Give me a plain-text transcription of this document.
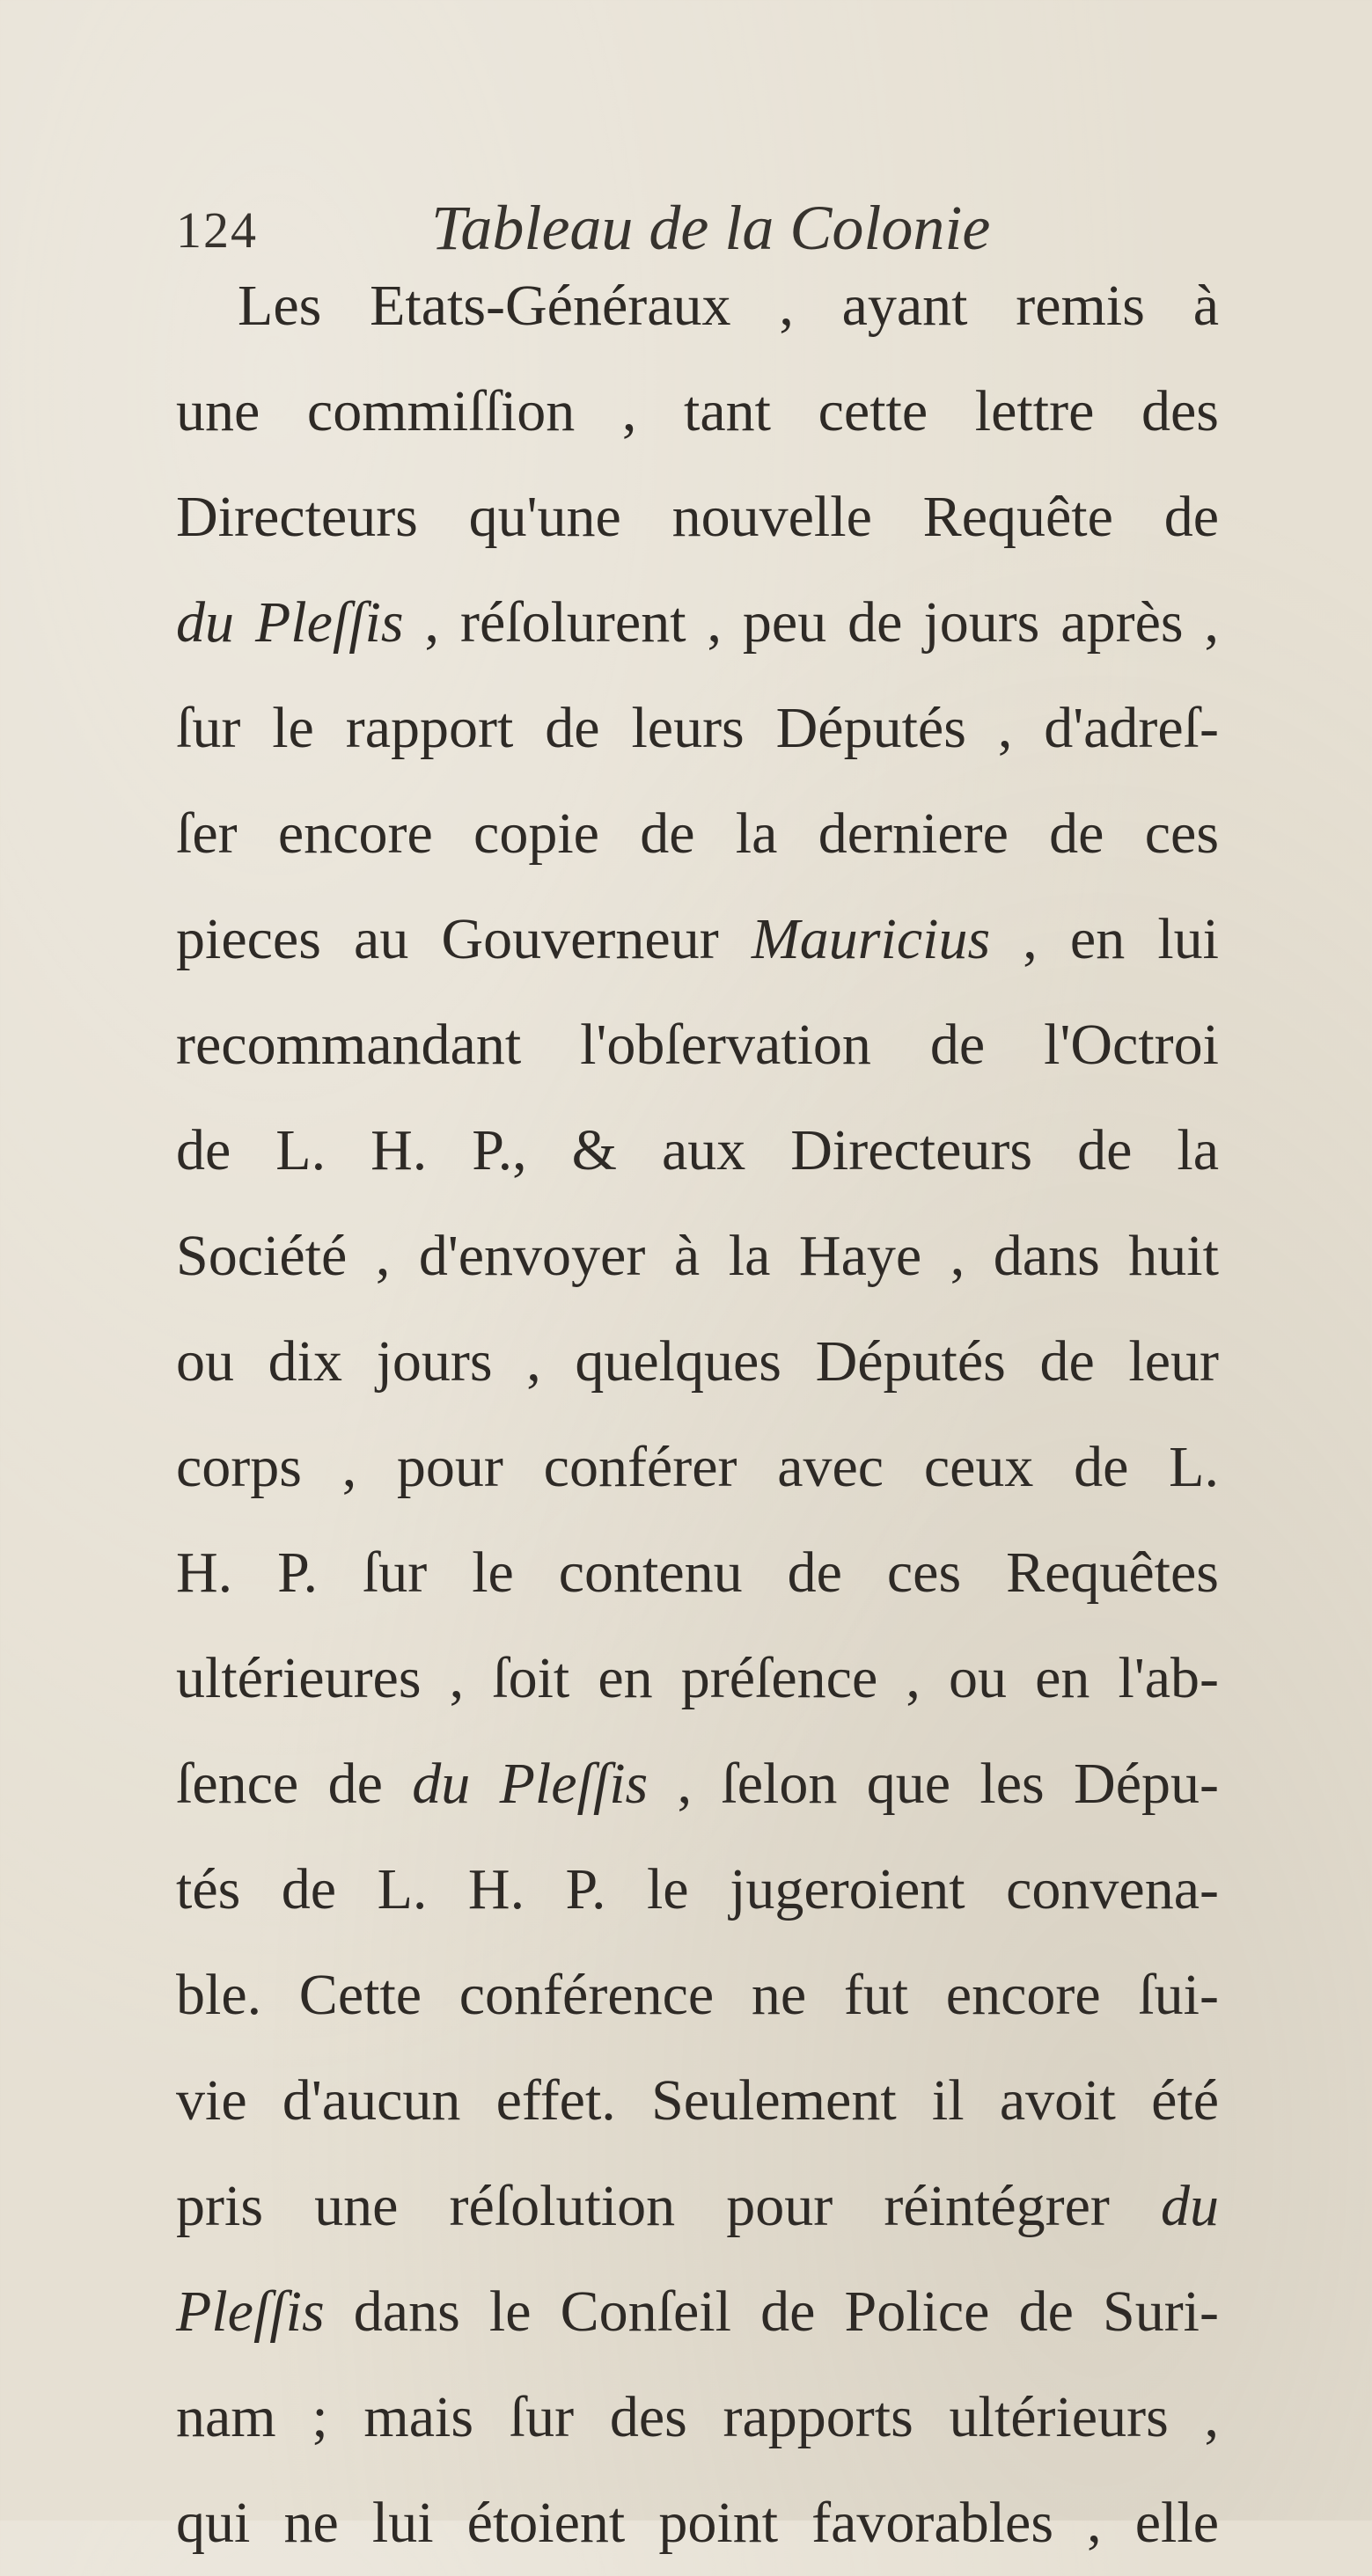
124	Tableau de la Colonie
Les Etats-Généraux , ayant remis à
une commiſſion , tant cette lettre des
Directeurs qu'une nouvelle Requête de
du Pleſſis , réſolurent , peu de jours après ,
ſur le rapport de leurs Députés , d'adreſ-
ſer encore copie de la derniere de ces
pieces au Gouverneur Mauricius , en lui
recommandant l'obſervation de l'Octroi
de L. H. P., & aux Directeurs de la
Société , d'envoyer à la Haye , dans huit
ou dix jours , quelques Députés de leur
corps , pour conférer avec ceux de L.
H. P. ſur le contenu de ces Requêtes
ultérieures , ſoit en préſence , ou en l'ab-
ſence de du Pleſſis , ſelon que les Dépu-
tés de L. H. P. le jugeroient convena-
ble. Cette conférence ne fut encore ſui-
vie d'aucun effet. Seulement il avoit été
pris une réſolution pour réintégrer du
Pleſſis dans le Conſeil de Police de Suri-
nam ; mais ſur des rapports ultérieurs ,
qui ne lui étoient point favorables , elle
